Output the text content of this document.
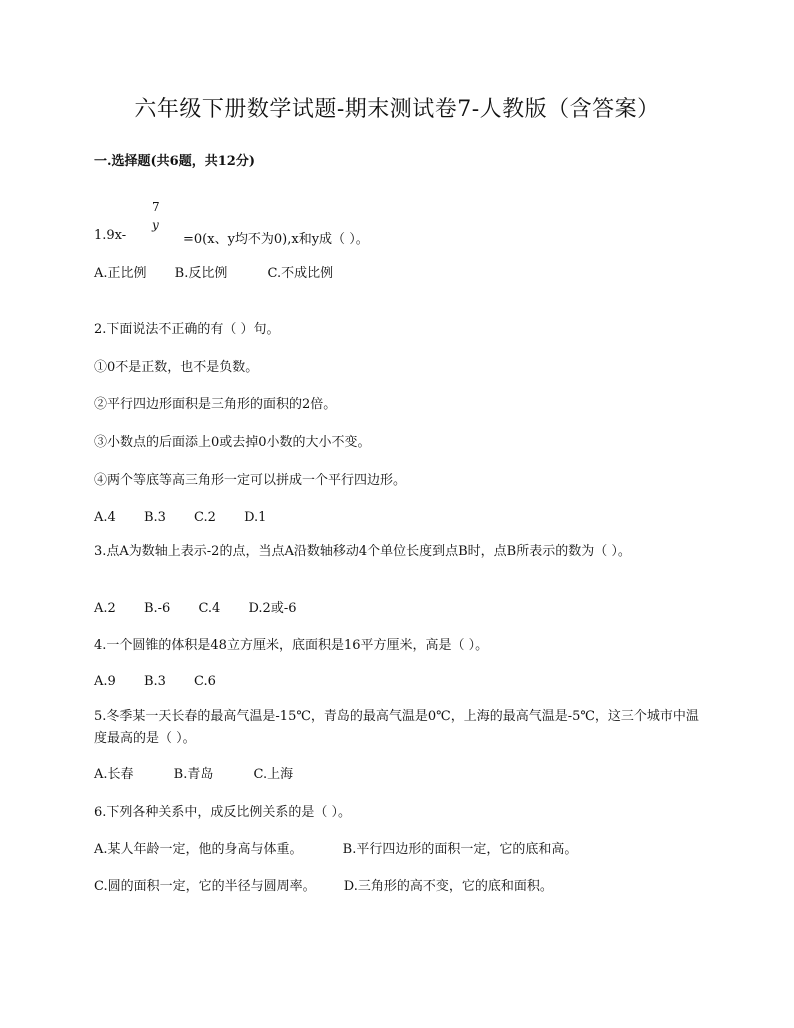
六年级下册数学试题-期末测试卷7-人教版（含答案）
一.选择题(共6题，共12分)
7
y
1.9x-	=0(x、y均不为0),x和y成（ ）。
A.正比例 B.反比例	C.不成比例
2.下面说法不正确的有（ ）句。
①0不是正数，也不是负数。
②平行四边形面积是三角形的面积的2倍。
③小数点的后面添上0或去掉0小数的大小不变。
④两个等底等高三角形一定可以拼成一个平行四边形。
A.4 B.3 C.2 D.1
3.点A为数轴上表示-2的点，当点A沿数轴移动4个单位长度到点B时，点B所表示的数为（ ）。
A.2 B.-6 C.4 D.2或-6
4.一个圆锥的体积是48立方厘米，底面积是16平方厘米，高是（ ）。
A.9 B.3 C.6
5.冬季某一天长春的最高气温是-15℃，青岛的最高气温是0℃，上海的最高气温是-5℃，这三个城市中温度最高的是（ ）。
A.长春	B.青岛	C.上海
6.下列各种关系中，成反比例关系的是（ ）。
A.某人年龄一定，他的身高与体重。	B.平行四边形的面积一定，它的底和高。
C.圆的面积一定，它的半径与圆周率。 D.三角形的高不变，它的底和面积。
